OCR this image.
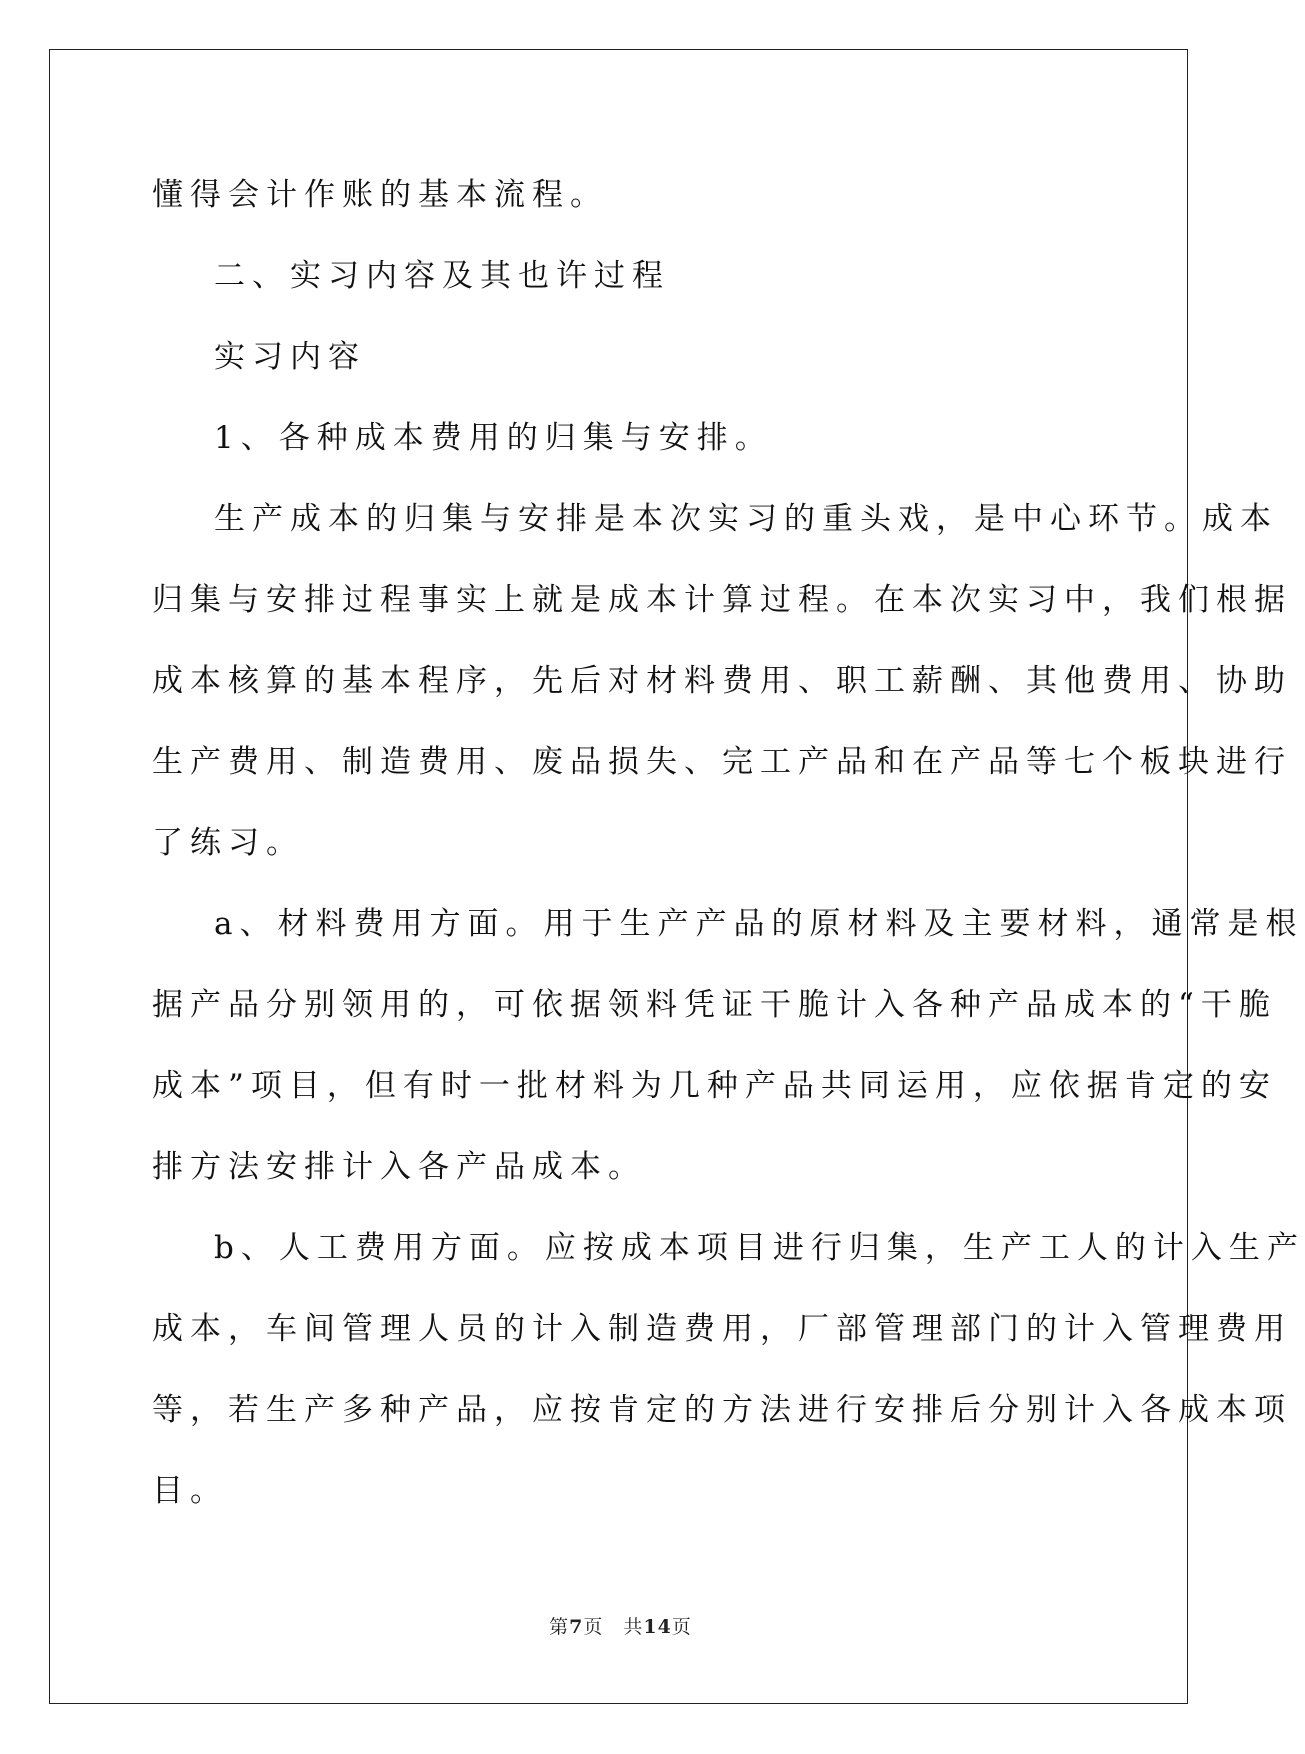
懂得会计作账的基本流程。
二、实习内容及其也许过程
实习内容
1、各种成本费用的归集与安排。
生产成本的归集与安排是本次实习的重头戏，是中心环节。成本
归集与安排过程事实上就是成本计算过程。在本次实习中，我们根据
成本核算的基本程序，先后对材料费用、职工薪酬、其他费用、协助
生产费用、制造费用、废品损失、完工产品和在产品等七个板块进行
了练习。
a、材料费用方面。用于生产产品的原材料及主要材料，通常是根
据产品分别领用的，可依据领料凭证干脆计入各种产品成本的“干脆
成本”项目，但有时一批材料为几种产品共同运用，应依据肯定的安
排方法安排计入各产品成本。
b、人工费用方面。应按成本项目进行归集，生产工人的计入生产
成本，车间管理人员的计入制造费用，厂部管理部门的计入管理费用
等，若生产多种产品，应按肯定的方法进行安排后分别计入各成本项
目。
第7页　共14页
